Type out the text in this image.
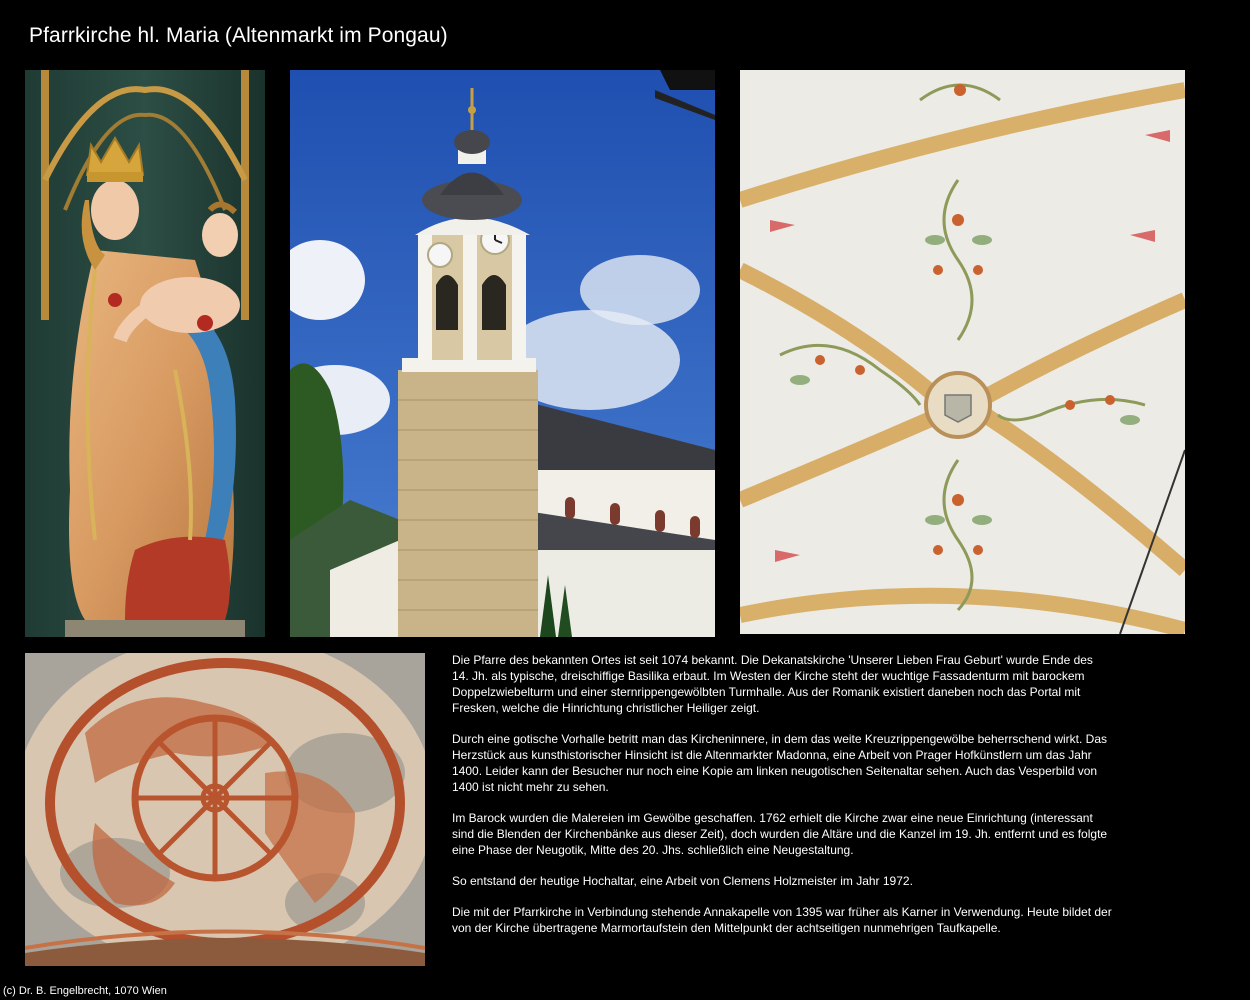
Pfarrkirche hl. Maria (Altenmarkt im Pongau)

Die Pfarre des bekannten Ortes ist seit 1074 bekannt. Die Dekanatskirche 'Unserer Lieben Frau Geburt' wurde Ende des 14. Jh. als typische, dreischiffige Basilika erbaut. Im Westen der Kirche steht der wuchtige Fassadenturm mit barockem Doppelzwiebelturm und einer sternrippengewölbten Turmhalle. Aus der Romanik existiert daneben noch das Portal mit Fresken, welche die Hinrichtung christlicher Heiliger zeigt.

Durch eine gotische Vorhalle betritt man das Kircheninnere, in dem das weite Kreuzrippengewölbe beherrschend wirkt. Das Herzstück aus kunsthistorischer Hinsicht ist die Altenmarkter Madonna, eine Arbeit von Prager Hofkünstlern um das Jahr 1400. Leider kann der Besucher nur noch eine Kopie am linken neugotischen Seitenaltar sehen. Auch das Vesperbild von 1400 ist nicht mehr zu sehen.

Im Barock wurden die Malereien im Gewölbe geschaffen. 1762 erhielt die Kirche zwar eine neue Einrichtung (interessant sind die Blenden der Kirchenbänke aus dieser Zeit), doch wurden die Altäre und die Kanzel im 19. Jh. entfernt und es folgte eine Phase der Neugotik, Mitte des 20. Jhs. schließlich eine Neugestaltung.

So entstand der heutige Hochaltar, eine Arbeit von Clemens Holzmeister im Jahr 1972.

Die mit der Pfarrkirche in Verbindung stehende Annakapelle von 1395 war früher als Karner in Verwendung. Heute bildet der von der Kirche übertragene Marmortaufstein den Mittelpunkt der achtseitigen nunmehrigen Taufkapelle.

(c) Dr. B. Engelbrecht, 1070 Wien
